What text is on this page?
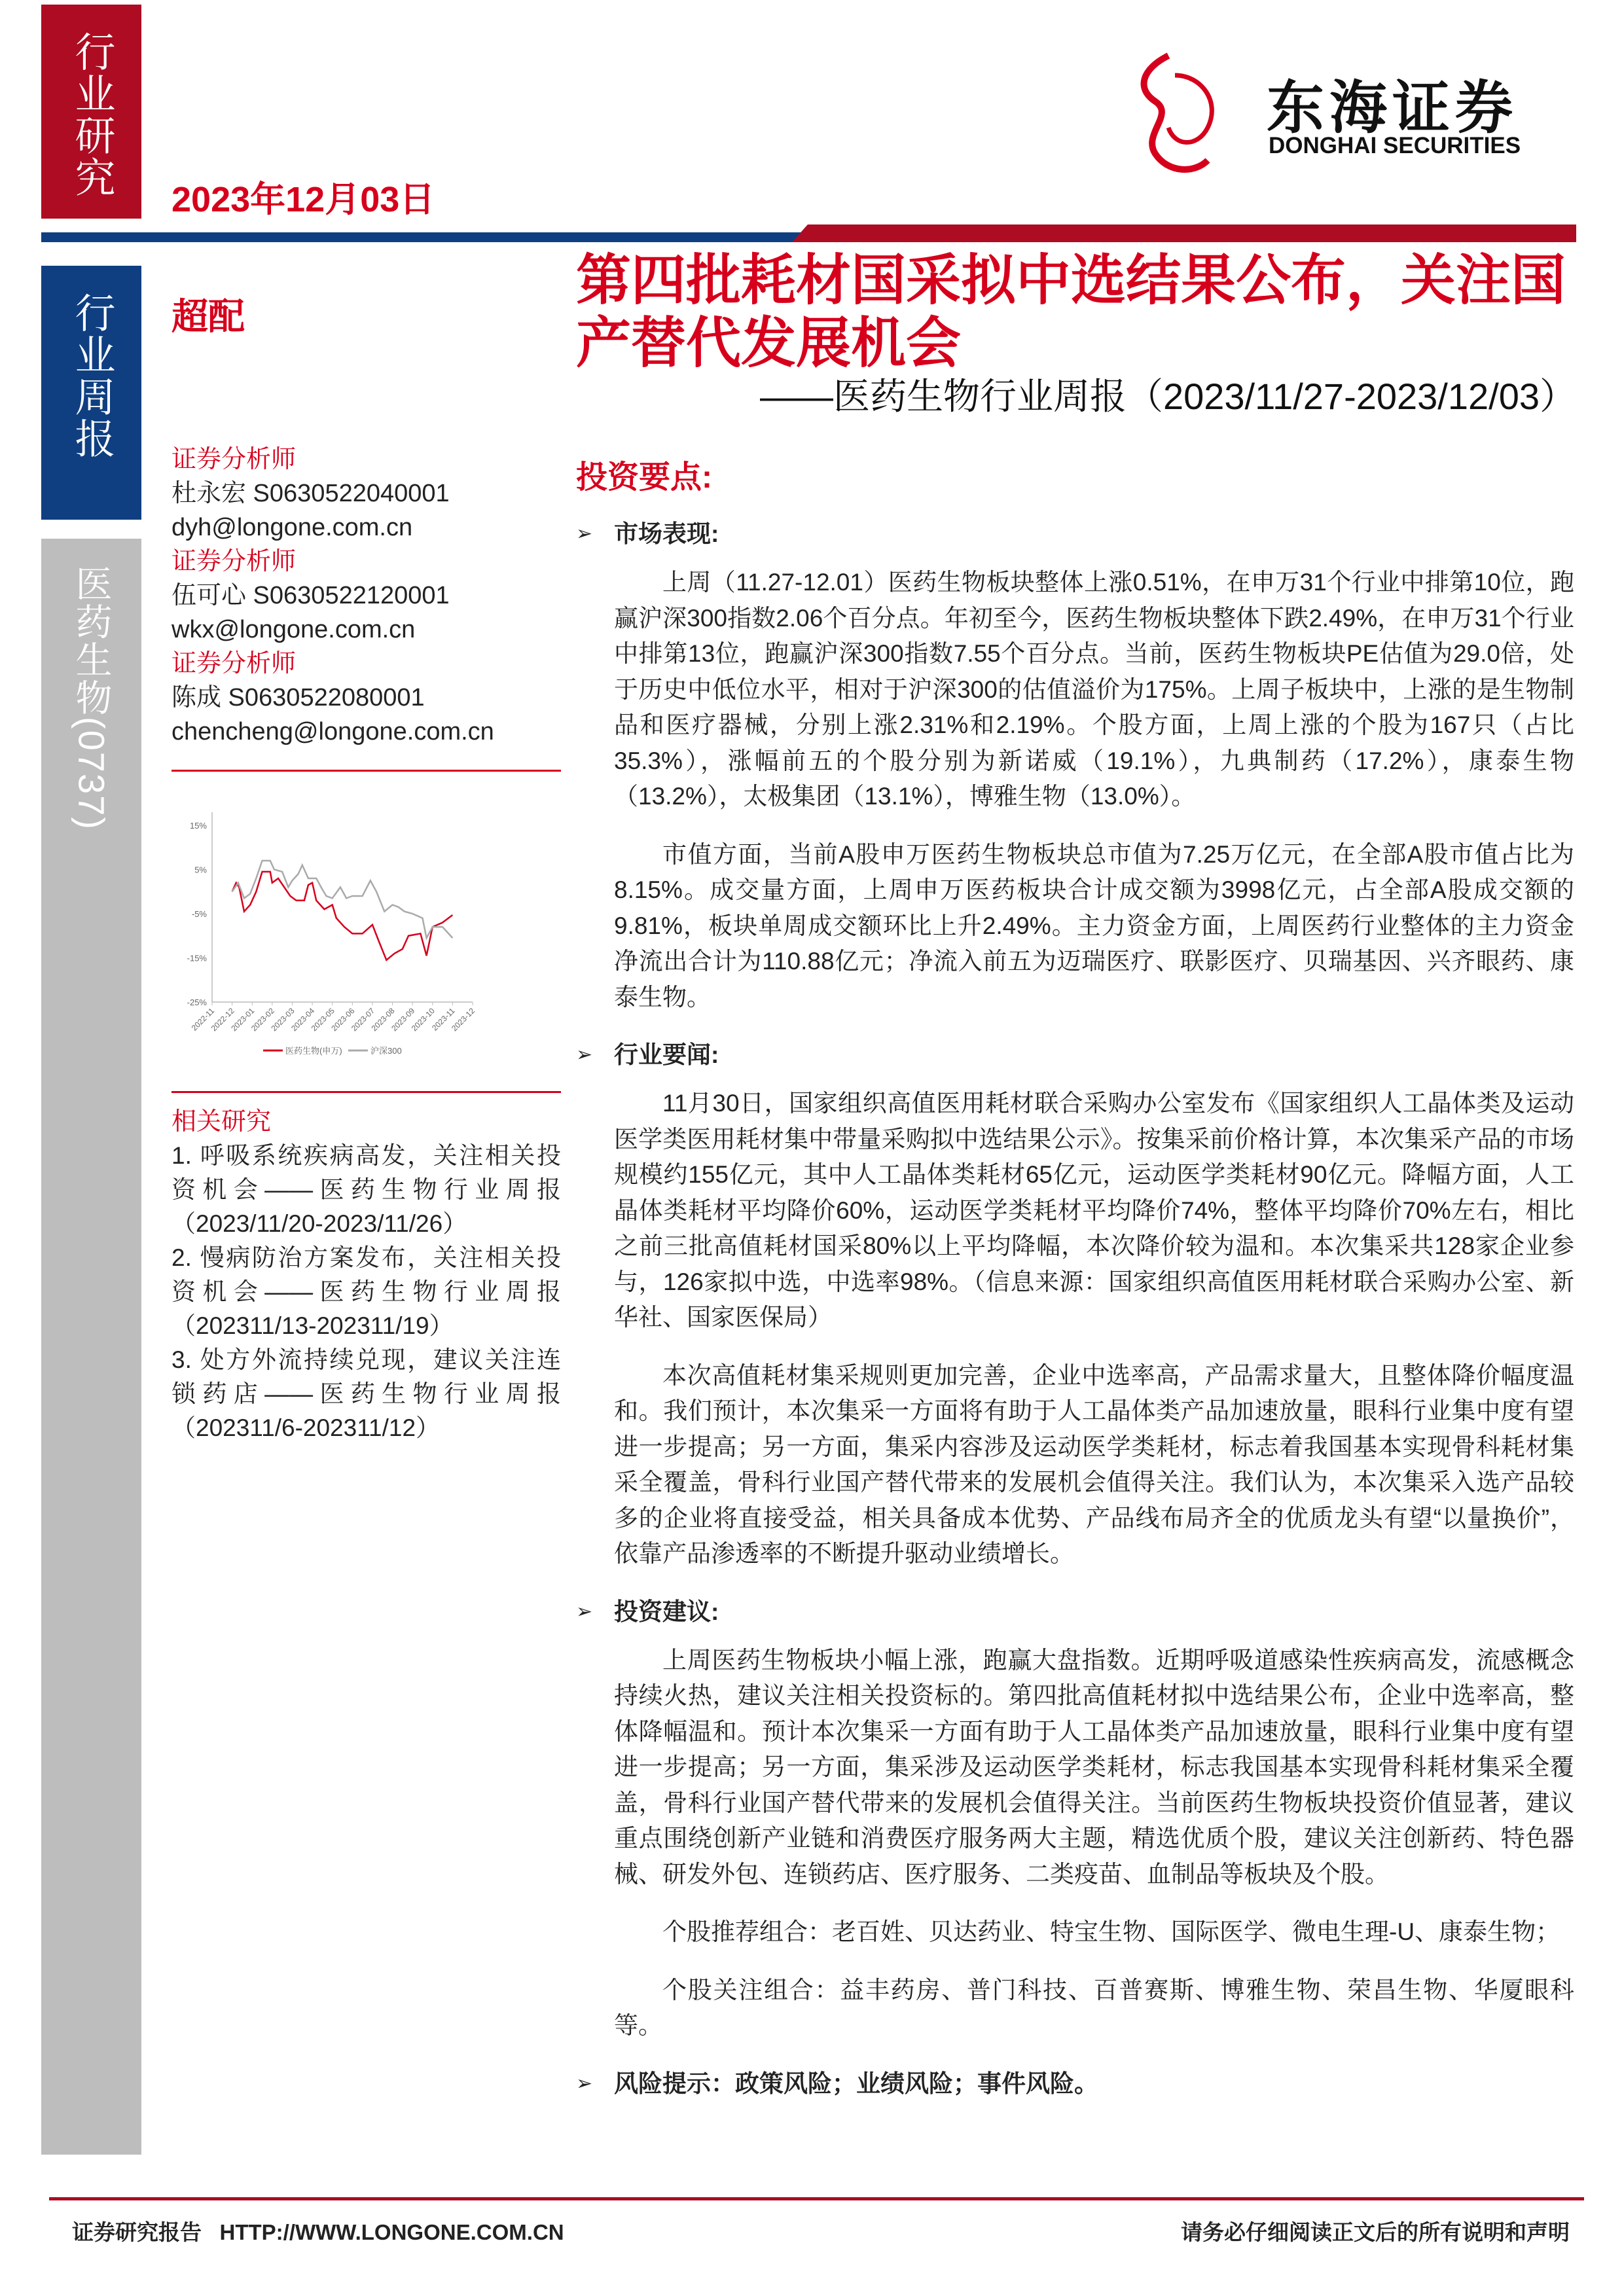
行业研究
2023年12月03日
东海证券
DONGHAI SECURITIES
行业周报
医药生物(0737)
超配
第四批耗材国采拟中选结果公布，关注国产替代发展机会
——医药生物行业周报（2023/11/27-2023/12/03）
证券分析师
杜永宏 S0630522040001
dyh@longone.com.cn
证券分析师
伍可心 S0630522120001
wkx@longone.com.cn
证券分析师
陈成 S0630522080001
chencheng@longone.com.cn
15%
5%
-5%
-15%
-25%
2022-11
2022-12
2023-01
2023-02
2023-03
2023-04
2023-05
2023-06
2023-07
2023-08
2023-09
2023-10
2023-11
2023-12
医药生物(申万)	沪深300
相关研究
1. 呼吸系统疾病高发，关注相关投资机会——医药生物行业周报（2023/11/20-2023/11/26）
2. 慢病防治方案发布，关注相关投资机会——医药生物行业周报（202311/13-202311/19）
3. 处方外流持续兑现，建议关注连锁药店——医药生物行业周报（202311/6-202311/12）
投资要点:
➢ 市场表现:

上周（11.27-12.01）医药生物板块整体上涨0.51%，在申万31个行业中排第10位，跑赢沪深300指数2.06个百分点。年初至今，医药生物板块整体下跌2.49%，在申万31个行业中排第13位，跑赢沪深300指数7.55个百分点。当前，医药生物板块PE估值为29.0倍，处于历史中低位水平，相对于沪深300的估值溢价为175%。上周子板块中，上涨的是生物制品和医疗器械，分别上涨2.31%和2.19%。个股方面，上周上涨的个股为167只（占比35.3%），涨幅前五的个股分别为新诺威（19.1%），九典制药（17.2%），康泰生物（13.2%），太极集团（13.1%），博雅生物（13.0%）。

市值方面，当前A股申万医药生物板块总市值为7.25万亿元，在全部A股市值占比为8.15%。成交量方面，上周申万医药板块合计成交额为3998亿元，占全部A股成交额的9.81%，板块单周成交额环比上升2.49%。主力资金方面，上周医药行业整体的主力资金净流出合计为110.88亿元；净流入前五为迈瑞医疗、联影医疗、贝瑞基因、兴齐眼药、康泰生物。

➢ 行业要闻:

11月30日，国家组织高值医用耗材联合采购办公室发布《国家组织人工晶体类及运动医学类医用耗材集中带量采购拟中选结果公示》。按集采前价格计算，本次集采产品的市场规模约155亿元，其中人工晶体类耗材65亿元，运动医学类耗材90亿元。降幅方面，人工晶体类耗材平均降价60%，运动医学类耗材平均降价74%，整体平均降价70%左右，相比之前三批高值耗材国采80%以上平均降幅，本次降价较为温和。本次集采共128家企业参与，126家拟中选，中选率98%。（信息来源：国家组织高值医用耗材联合采购办公室、新华社、国家医保局）

本次高值耗材集采规则更加完善，企业中选率高，产品需求量大，且整体降价幅度温和。我们预计，本次集采一方面将有助于人工晶体类产品加速放量，眼科行业集中度有望进一步提高；另一方面，集采内容涉及运动医学类耗材，标志着我国基本实现骨科耗材集采全覆盖，骨科行业国产替代带来的发展机会值得关注。我们认为，本次集采入选产品较多的企业将直接受益，相关具备成本优势、产品线布局齐全的优质龙头有望“以量换价”，依靠产品渗透率的不断提升驱动业绩增长。

➢ 投资建议:

上周医药生物板块小幅上涨，跑赢大盘指数。近期呼吸道感染性疾病高发，流感概念持续火热，建议关注相关投资标的。第四批高值耗材拟中选结果公布，企业中选率高，整体降幅温和。预计本次集采一方面有助于人工晶体类产品加速放量，眼科行业集中度有望进一步提高；另一方面，集采涉及运动医学类耗材，标志我国基本实现骨科耗材集采全覆盖，骨科行业国产替代带来的发展机会值得关注。当前医药生物板块投资价值显著，建议重点围绕创新产业链和消费医疗服务两大主题，精选优质个股，建议关注创新药、特色器械、研发外包、连锁药店、医疗服务、二类疫苗、血制品等板块及个股。

个股推荐组合：老百姓、贝达药业、特宝生物、国际医学、微电生理-U、康泰生物；

个股关注组合：益丰药房、普门科技、百普赛斯、博雅生物、荣昌生物、华厦眼科等。

➢ 风险提示：政策风险；业绩风险；事件风险。
证券研究报告   HTTP://WWW.LONGONE.COM.CN	请务必仔细阅读正文后的所有说明和声明
